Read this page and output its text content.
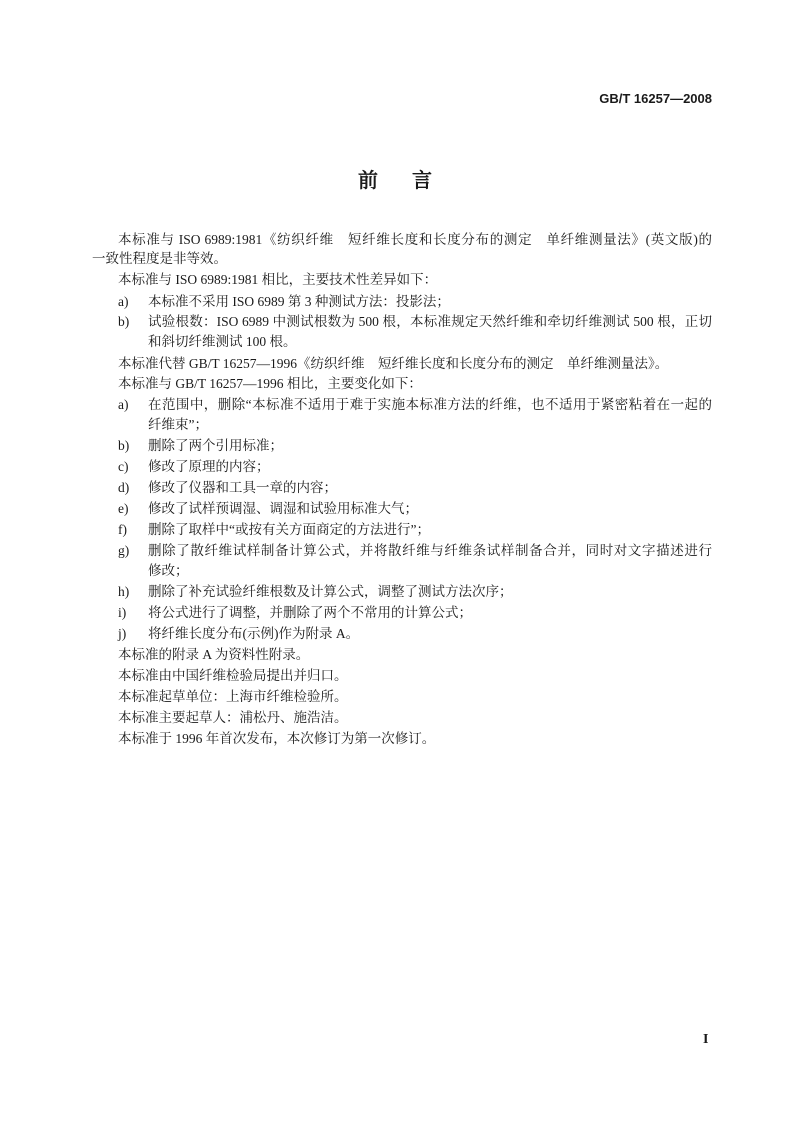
GB/T 16257—2008
前　言
本标准与 ISO 6989:1981《纺织纤维　短纤维长度和长度分布的测定　单纤维测量法》(英文版)的
一致性程度是非等效。
本标准与 ISO 6989:1981 相比，主要技术性差异如下：
a) 本标准不采用 ISO 6989 第 3 种测试方法：投影法；
b) 试验根数：ISO 6989 中测试根数为 500 根，本标准规定天然纤维和牵切纤维测试 500 根，正切
和斜切纤维测试 100 根。
本标准代替 GB/T 16257—1996《纺织纤维　短纤维长度和长度分布的测定　单纤维测量法》。
本标准与 GB/T 16257—1996 相比，主要变化如下：
a) 在范围中，删除“本标准不适用于难于实施本标准方法的纤维，也不适用于紧密粘着在一起的
纤维束”；
b) 删除了两个引用标准；
c) 修改了原理的内容；
d) 修改了仪器和工具一章的内容；
e) 修改了试样预调湿、调湿和试验用标准大气；
f) 删除了取样中“或按有关方面商定的方法进行”；
g) 删除了散纤维试样制备计算公式，并将散纤维与纤维条试样制备合并，同时对文字描述进行
修改；
h) 删除了补充试验纤维根数及计算公式，调整了测试方法次序；
i) 将公式进行了调整，并删除了两个不常用的计算公式；
j) 将纤维长度分布(示例)作为附录 A。
本标准的附录 A 为资料性附录。
本标准由中国纤维检验局提出并归口。
本标准起草单位：上海市纤维检验所。
本标准主要起草人：浦松丹、施浩洁。
本标准于 1996 年首次发布，本次修订为第一次修订。
I
